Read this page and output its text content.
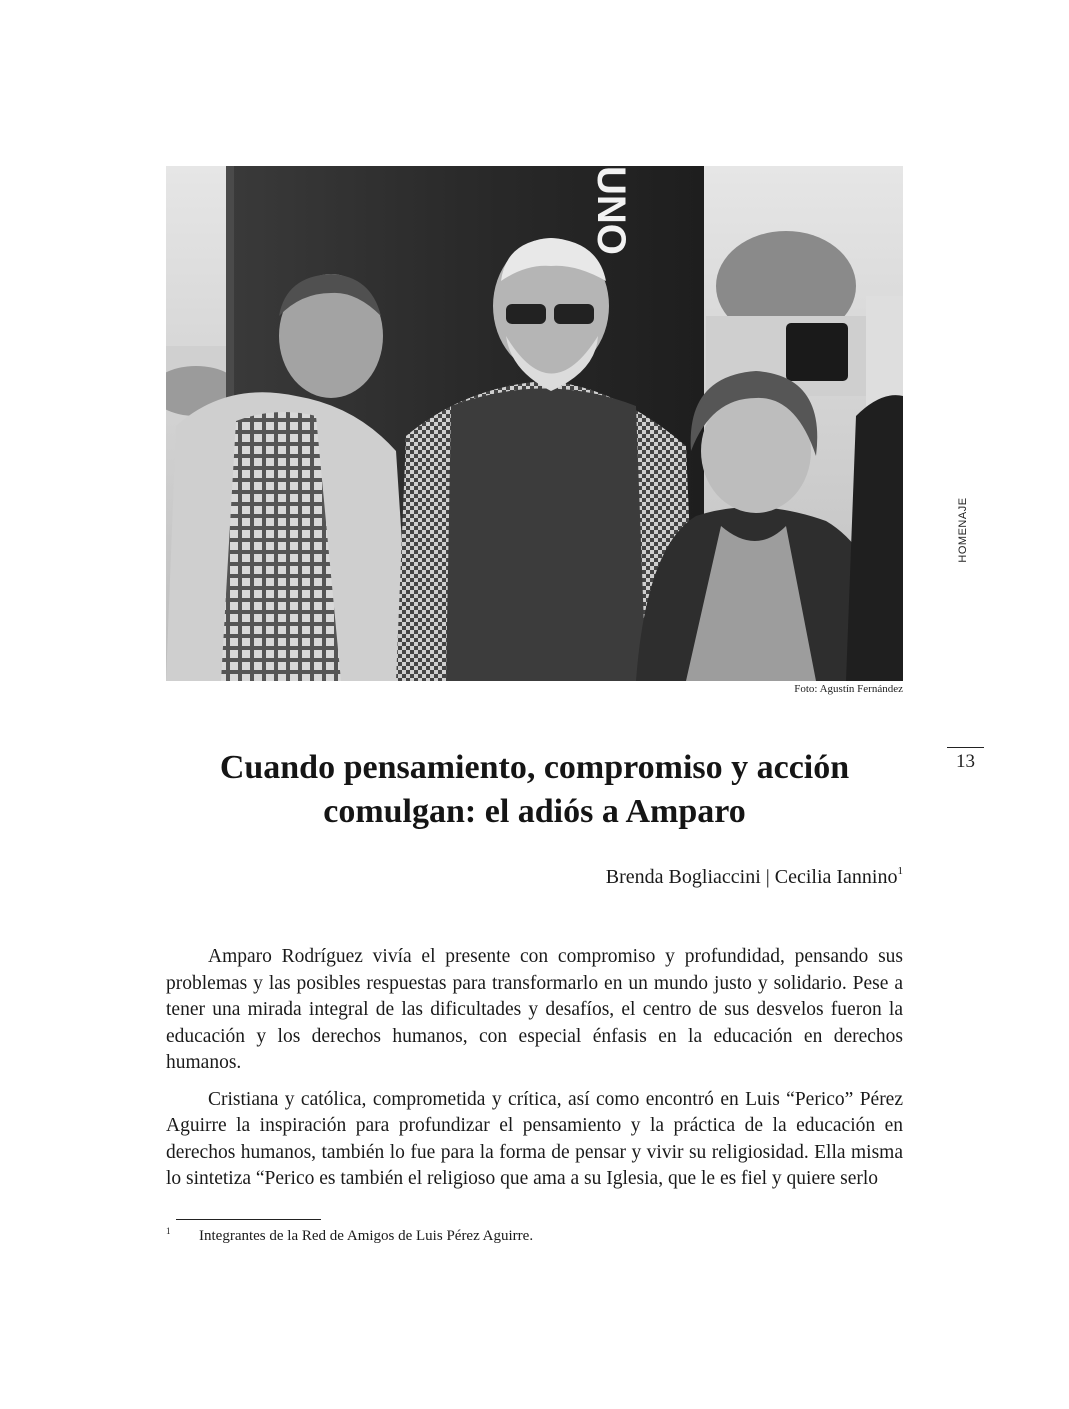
UNO
Foto: Agustín Fernández
HOMENAJE
13
Cuando pensamiento, compromiso y acción
comulgan: el adiós a Amparo
Brenda Bogliaccini | Cecilia Iannino$^1$

Amparo Rodríguez vivía el presente con compromiso y profundidad, pensando sus problemas y las posibles respuestas para transformarlo en un mundo justo y solidario. Pese a tener una mirada integral de las dificultades y desafíos, el centro de sus desvelos fueron la educación y los derechos humanos, con especial énfasis en la educación en derechos humanos.

Cristiana y católica, comprometida y crítica, así como encontró en Luis “Perico” Pérez Aguirre la inspiración para profundizar el pensamiento y la práctica de la educación en derechos humanos, también lo fue para la forma de pensar y vivir su religiosidad. Ella misma lo sintetiza “Perico es también el religioso que ama a su Iglesia, que le es fiel y quiere serlo

1 Integrantes de la Red de Amigos de Luis Pérez Aguirre.
